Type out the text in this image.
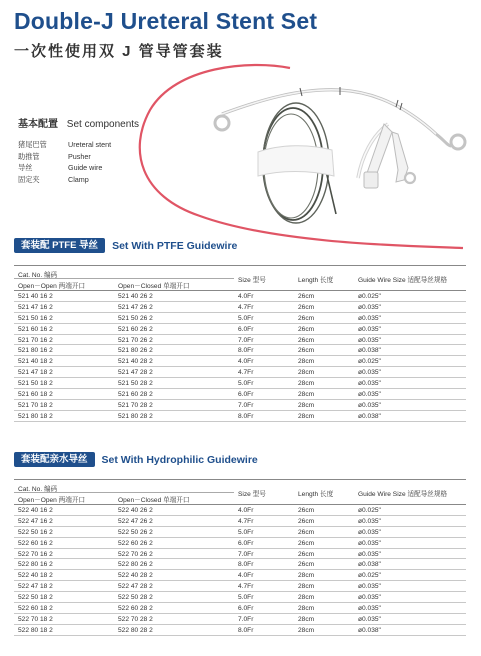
Double-J Ureteral Stent Set
一次性使用双 J 管导管套装
基本配置 Set components
猪尾巴管	Ureteral stent
助推管	Pusher
导丝	Guide wire
固定夹	Clamp
套装配 PTFE 导丝	Set With PTFE Guidewire
Cat. No. 编码
Open－Open 两端开口	Open－Closed 单端开口
Size 型号	Length 长度	Guide Wire Size 适配导丝规格
521 40 16 2	521 40 26 2	4.0Fr	26cm	ø0.025"
521 47 16 2	521 47 26 2	4.7Fr	26cm	ø0.035"
521 50 16 2	521 50 26 2	5.0Fr	26cm	ø0.035"
521 60 16 2	521 60 26 2	6.0Fr	26cm	ø0.035"
521 70 16 2	521 70 26 2	7.0Fr	26cm	ø0.035"
521 80 16 2	521 80 26 2	8.0Fr	26cm	ø0.038"
521 40 18 2	521 40 28 2	4.0Fr	28cm	ø0.025"
521 47 18 2	521 47 28 2	4.7Fr	28cm	ø0.035"
521 50 18 2	521 50 28 2	5.0Fr	28cm	ø0.035"
521 60 18 2	521 60 28 2	6.0Fr	28cm	ø0.035"
521 70 18 2	521 70 28 2	7.0Fr	28cm	ø0.035"
521 80 18 2	521 80 28 2	8.0Fr	28cm	ø0.038"
套装配亲水导丝	Set With Hydrophilic Guidewire
Cat. No. 编码
Open－Open 两端开口	Open－Closed 单端开口
Size 型号	Length 长度	Guide Wire Size 适配导丝规格
522 40 16 2	522 40 26 2	4.0Fr	26cm	ø0.025"
522 47 16 2	522 47 26 2	4.7Fr	26cm	ø0.035"
522 50 16 2	522 50 26 2	5.0Fr	26cm	ø0.035"
522 60 16 2	522 60 26 2	6.0Fr	26cm	ø0.035"
522 70 16 2	522 70 26 2	7.0Fr	26cm	ø0.035"
522 80 16 2	522 80 26 2	8.0Fr	26cm	ø0.038"
522 40 18 2	522 40 28 2	4.0Fr	28cm	ø0.025"
522 47 18 2	522 47 28 2	4.7Fr	28cm	ø0.035"
522 50 18 2	522 50 28 2	5.0Fr	28cm	ø0.035"
522 60 18 2	522 60 28 2	6.0Fr	28cm	ø0.035"
522 70 18 2	522 70 28 2	7.0Fr	28cm	ø0.035"
522 80 18 2	522 80 28 2	8.0Fr	28cm	ø0.038"
